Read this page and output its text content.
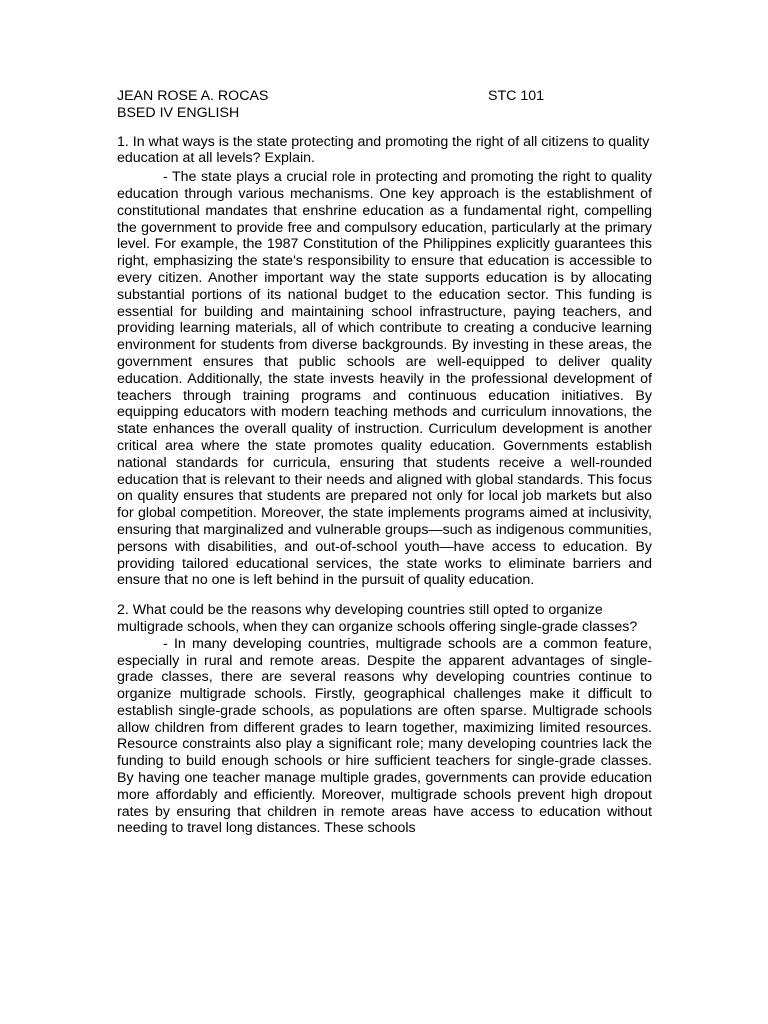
JEAN ROSE A. ROCAS	STC 101
BSED IV ENGLISH

1. In what ways is the state protecting and promoting the right of all citizens to quality education at all levels? Explain.

- The state plays a crucial role in protecting and promoting the right to quality education through various mechanisms. One key approach is the establishment of constitutional mandates that enshrine education as a fundamental right, compelling the government to provide free and compulsory education, particularly at the primary level. For example, the 1987 Constitution of the Philippines explicitly guarantees this right, emphasizing the state's responsibility to ensure that education is accessible to every citizen. Another important way the state supports education is by allocating substantial portions of its national budget to the education sector. This funding is essential for building and maintaining school infrastructure, paying teachers, and providing learning materials, all of which contribute to creating a conducive learning environment for students from diverse backgrounds. By investing in these areas, the government ensures that public schools are well-equipped to deliver quality education. Additionally, the state invests heavily in the professional development of teachers through training programs and continuous education initiatives. By equipping educators with modern teaching methods and curriculum innovations, the state enhances the overall quality of instruction. Curriculum development is another critical area where the state promotes quality education. Governments establish national standards for curricula, ensuring that students receive a well-rounded education that is relevant to their needs and aligned with global standards. This focus on quality ensures that students are prepared not only for local job markets but also for global competition. Moreover, the state implements programs aimed at inclusivity, ensuring that marginalized and vulnerable groups—such as indigenous communities, persons with disabilities, and out-of-school youth—have access to education. By providing tailored educational services, the state works to eliminate barriers and ensure that no one is left behind in the pursuit of quality education.

2. What could be the reasons why developing countries still opted to organize multigrade schools, when they can organize schools offering single-grade classes?

- In many developing countries, multigrade schools are a common feature, especially in rural and remote areas. Despite the apparent advantages of single-grade classes, there are several reasons why developing countries continue to organize multigrade schools. Firstly, geographical challenges make it difficult to establish single-grade schools, as populations are often sparse. Multigrade schools allow children from different grades to learn together, maximizing limited resources. Resource constraints also play a significant role; many developing countries lack the funding to build enough schools or hire sufficient teachers for single-grade classes. By having one teacher manage multiple grades, governments can provide education more affordably and efficiently. Moreover, multigrade schools prevent high dropout rates by ensuring that children in remote areas have access to education without needing to travel long distances. These schools
